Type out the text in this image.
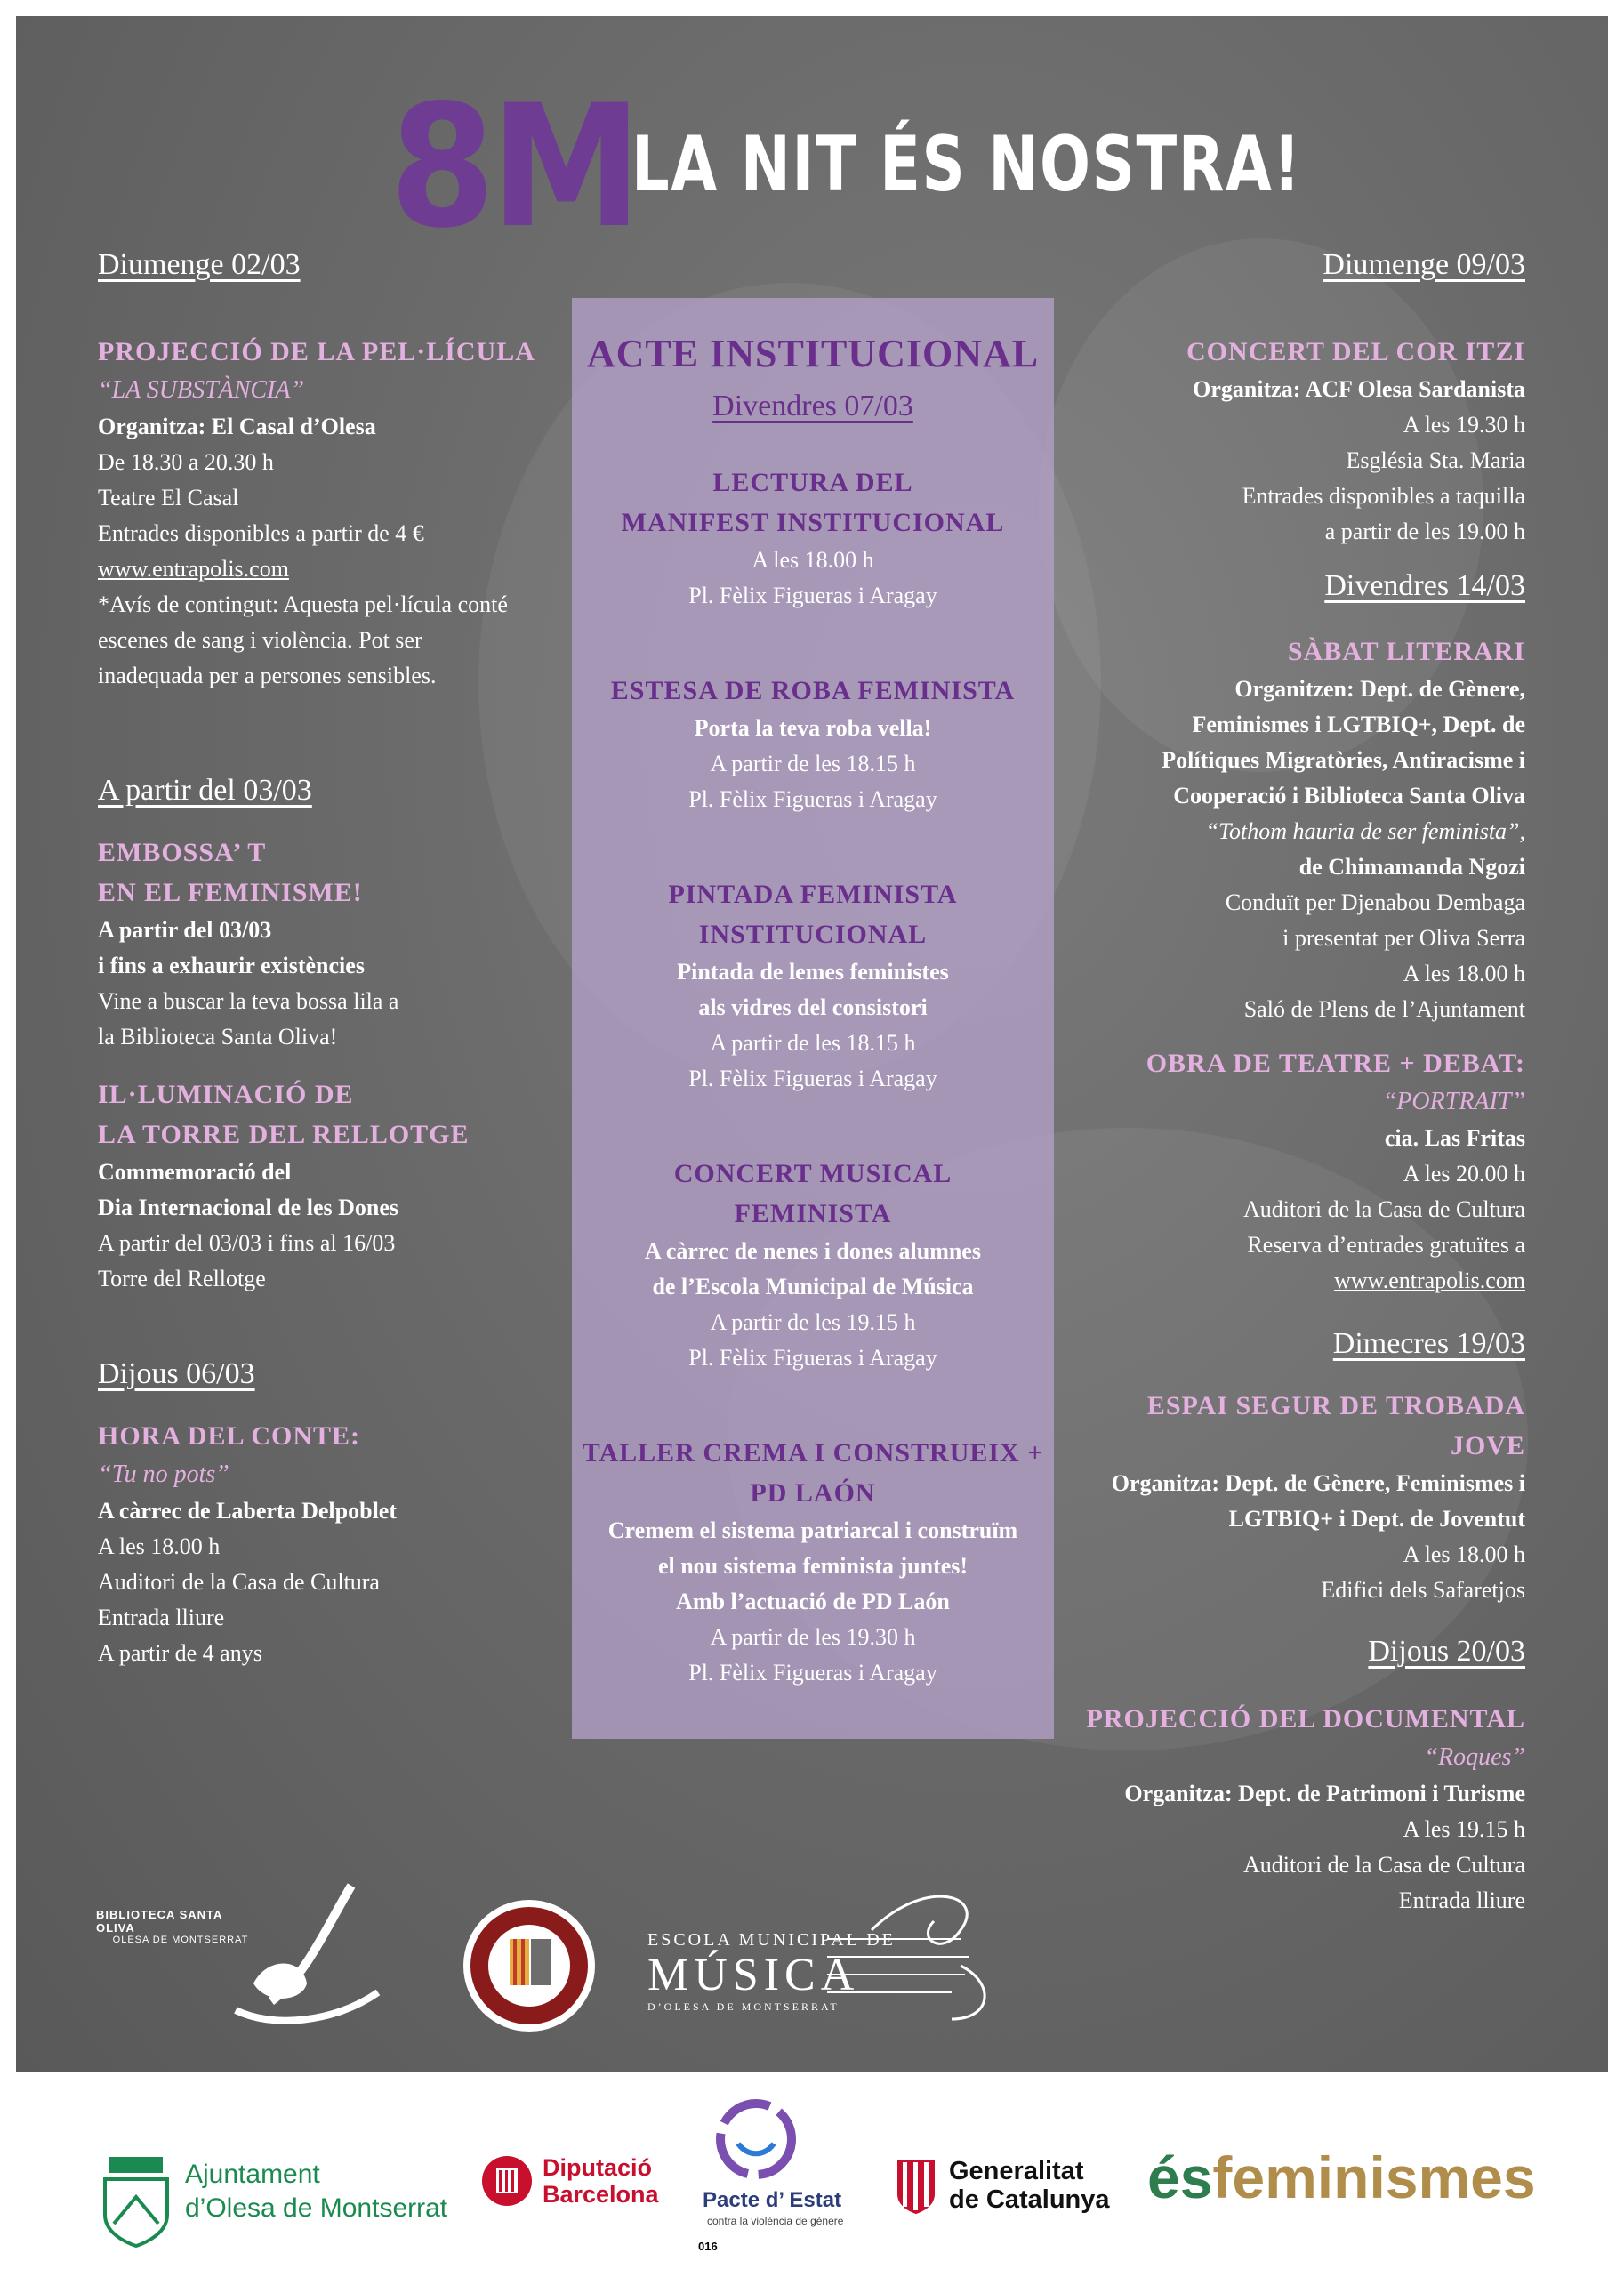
8M
LA NIT ÉS NOSTRA!
Diumenge 02/03
PROJECCIÓ DE LA PEL·LÍCULA
“LA SUBSTÀNCIA”
Organitza: El Casal d’Olesa
De 18.30 a 20.30 h
Teatre El Casal
Entrades disponibles a partir de 4 €
www.entrapolis.com
*Avís de contingut: Aquesta pel·lícula conté
escenes de sang i violència. Pot ser
inadequada per a persones sensibles.
A partir del 03/03
EMBOSSA’ T
EN EL FEMINISME!
A partir del 03/03
i fins a exhaurir existències
Vine a buscar la teva bossa lila a
la Biblioteca Santa Oliva!
IL·LUMINACIÓ DE
LA TORRE DEL RELLOTGE
Commemoració del
Dia Internacional de les Dones
A partir del 03/03 i fins al 16/03
Torre del Rellotge
Dijous 06/03
HORA DEL CONTE:
“Tu no pots”
A càrrec de Laberta Delpoblet
A les 18.00 h
Auditori de la Casa de Cultura
Entrada lliure
A partir de 4 anys
ACTE INSTITUCIONAL
Divendres 07/03
LECTURA DEL
MANIFEST INSTITUCIONAL
A les 18.00 h
Pl. Fèlix Figueras i Aragay
ESTESA DE ROBA FEMINISTA
Porta la teva roba vella!
A partir de les 18.15 h
Pl. Fèlix Figueras i Aragay
PINTADA FEMINISTA
INSTITUCIONAL
Pintada de lemes feministes
als vidres del consistori
A partir de les 18.15 h
Pl. Fèlix Figueras i Aragay
CONCERT MUSICAL
FEMINISTA
A càrrec de nenes i dones alumnes
de l’Escola Municipal de Música
A partir de les 19.15 h
Pl. Fèlix Figueras i Aragay
TALLER CREMA I CONSTRUEIX +
PD LAÓN
Cremem el sistema patriarcal i construïm
el nou sistema feminista juntes!
Amb l’actuació de PD Laón
A partir de les 19.30 h
Pl. Fèlix Figueras i Aragay
Diumenge 09/03
CONCERT DEL COR ITZI
Organitza: ACF Olesa Sardanista
A les 19.30 h
Església Sta. Maria
Entrades disponibles a taquilla
a partir de les 19.00 h
Divendres 14/03
SÀBAT LITERARI
Organitzen: Dept. de Gènere,
Feminismes i LGTBIQ+, Dept. de
Polítiques Migratòries, Antiracisme i
Cooperació i Biblioteca Santa Oliva
“Tothom hauria de ser feminista”,
de Chimamanda Ngozi
Conduït per Djenabou Dembaga
i presentat per Oliva Serra
A les 18.00 h
Saló de Plens de l’Ajuntament
OBRA DE TEATRE + DEBAT:
“PORTRAIT”
cia. Las Fritas
A les 20.00 h
Auditori de la Casa de Cultura
Reserva d’entrades gratuïtes a
www.entrapolis.com
Dimecres 19/03
ESPAI SEGUR DE TROBADA
JOVE
Organitza: Dept. de Gènere, Feminismes i
LGTBIQ+ i Dept. de Joventut
A les 18.00 h
Edifici dels Safaretjos
Dijous 20/03
PROJECCIÓ DEL DOCUMENTAL
“Roques”
Organitza: Dept. de Patrimoni i Turisme
A les 19.15 h
Auditori de la Casa de Cultura
Entrada lliure
BIBLIOTECA SANTA OLIVA
OLESA DE MONTSERRAT	ESCOLA MUNICIPAL DE
MÚSICA
D’OLESA DE MONTSERRAT
Ajuntament
d’Olesa de Montserrat
Diputació
Barcelona Pacte d’ Estat
contra la violència de gènere
016
Generalitat
de Catalunya ésfeminismes
